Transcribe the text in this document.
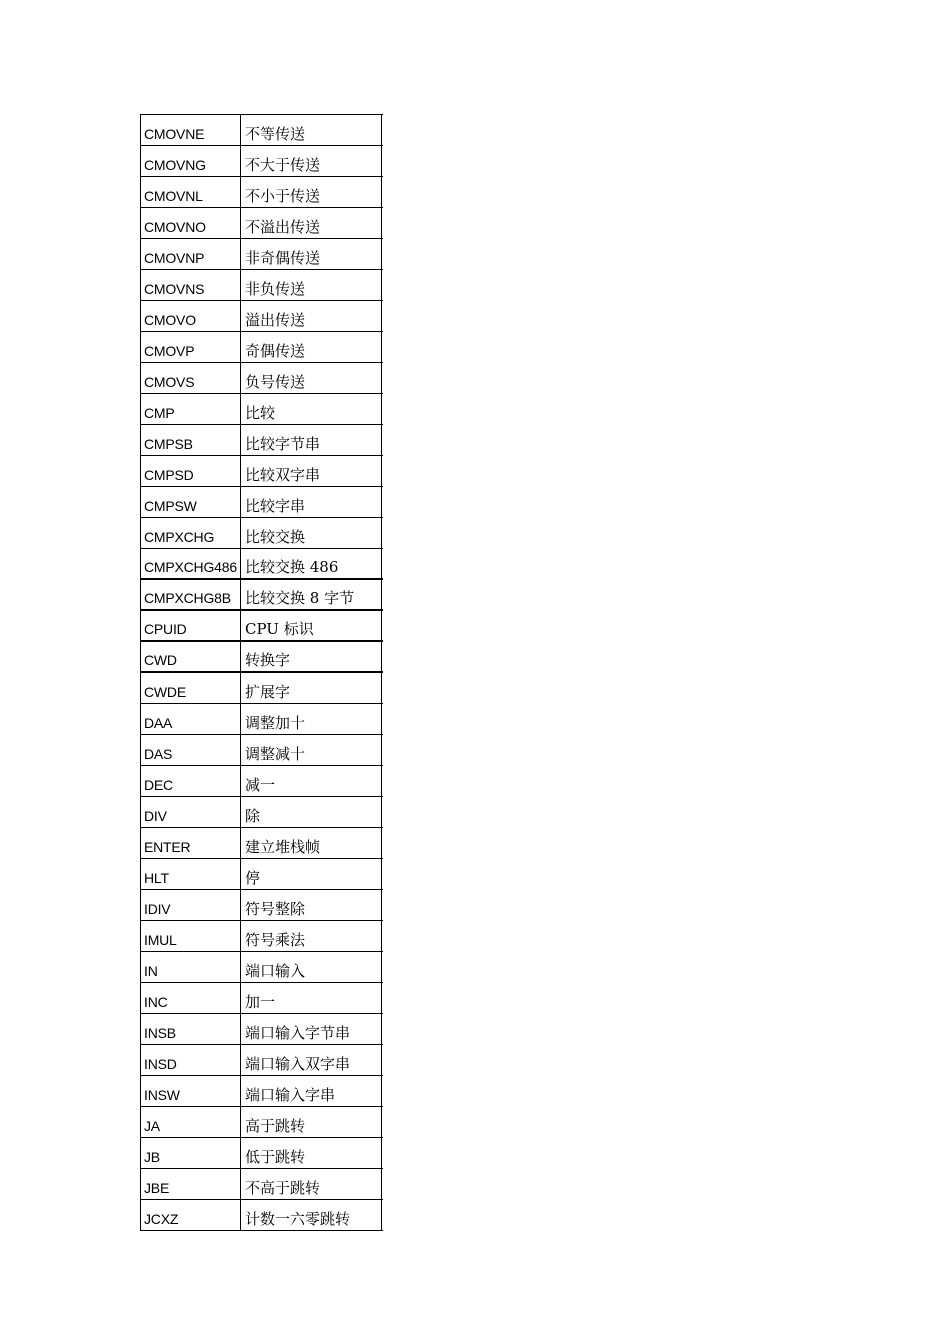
CMOVNE	不等传送
CMOVNG	不大于传送
CMOVNL	不小于传送
CMOVNO	不溢出传送
CMOVNP	非奇偶传送
CMOVNS	非负传送
CMOVO	溢出传送
CMOVP	奇偶传送
CMOVS	负号传送
CMP	比较
CMPSB	比较字节串
CMPSD	比较双字串
CMPSW	比较字串
CMPXCHG	比较交换
CMPXCHG486 比较交换 486
CMPXCHG8B 比较交换 8 字节
CPUID	CPU 标识
CWD	转换字
CWDE	扩展字
DAA	调整加十
DAS	调整减十
DEC	减一
DIV	除
ENTER	建立堆栈帧
HLT	停
IDIV	符号整除
IMUL	符号乘法
IN	端口输入
INC	加一
INSB	端口输入字节串
INSD	端口输入双字串
INSW	端口输入字串
JA	高于跳转
JB	低于跳转
JBE	不高于跳转
JCXZ	计数一六零跳转
